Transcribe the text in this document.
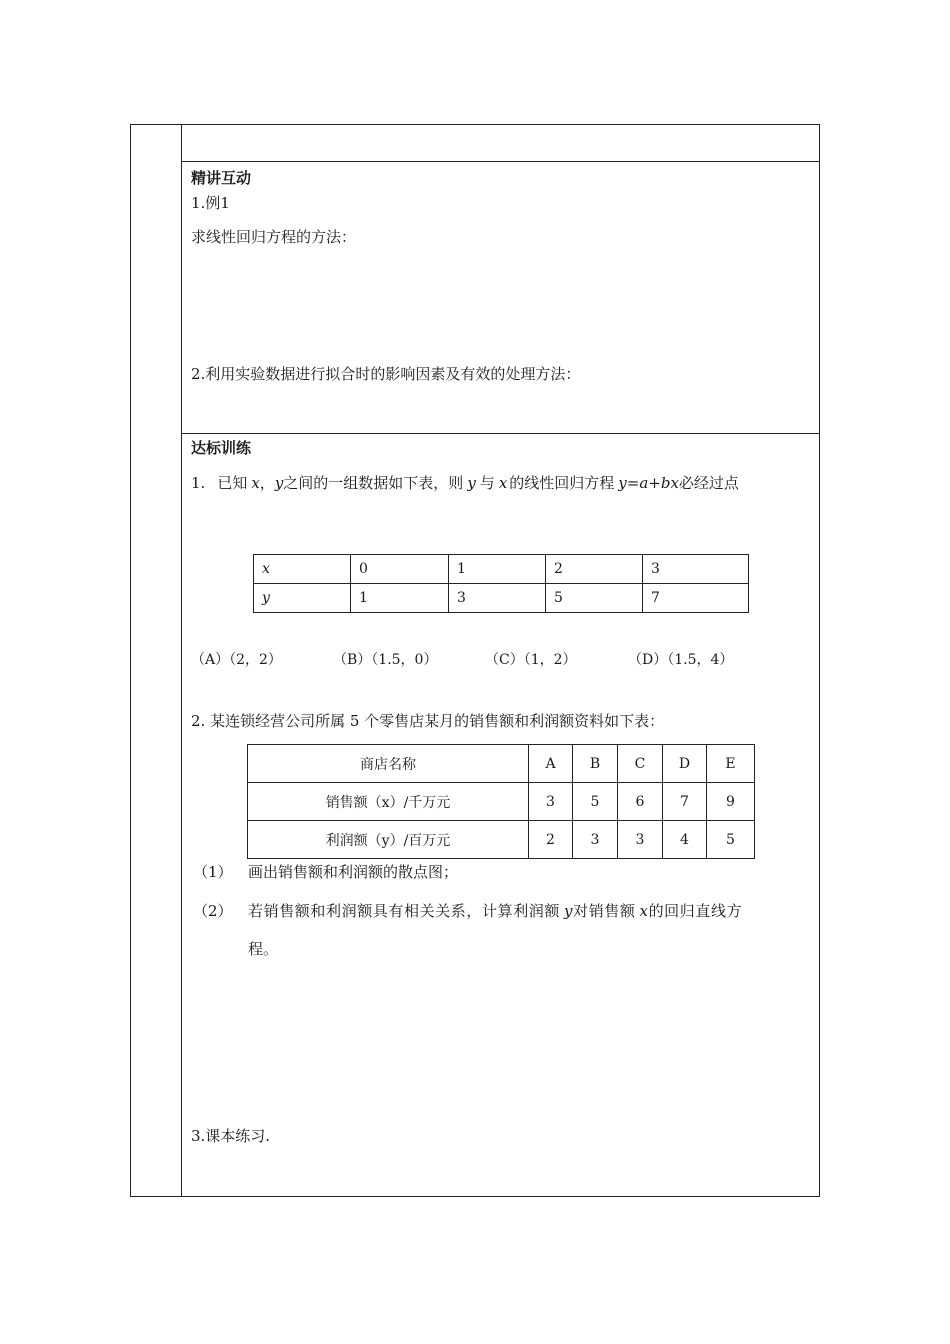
精讲互动
1.例1
求线性回归方程的方法：
2.利用实验数据进行拟合时的影响因素及有效的处理方法：
达标训练
1. 已知 x，y之间的一组数据如下表，则 y 与 x 的线性回归方程 y=a+bx必经过点
x	0	1	2	3
y	1	3	5	7
（A）（2，2）	（B）（1.5，0）	（C）（1，2）	（D）（1.5，4）
2. 某连锁经营公司所属 5 个零售店某月的销售额和利润额资料如下表：
商店名称	A	B	C	D	E
销售额（x）/千万元	3	5	6	7	9
利润额（y）/百万元	2	3	3	4	5
（1） 画出销售额和利润额的散点图；
（2） 若销售额和利润额具有相关关系，计算利润额 y对销售额 x的回归直线方
程。
3.课本练习.
